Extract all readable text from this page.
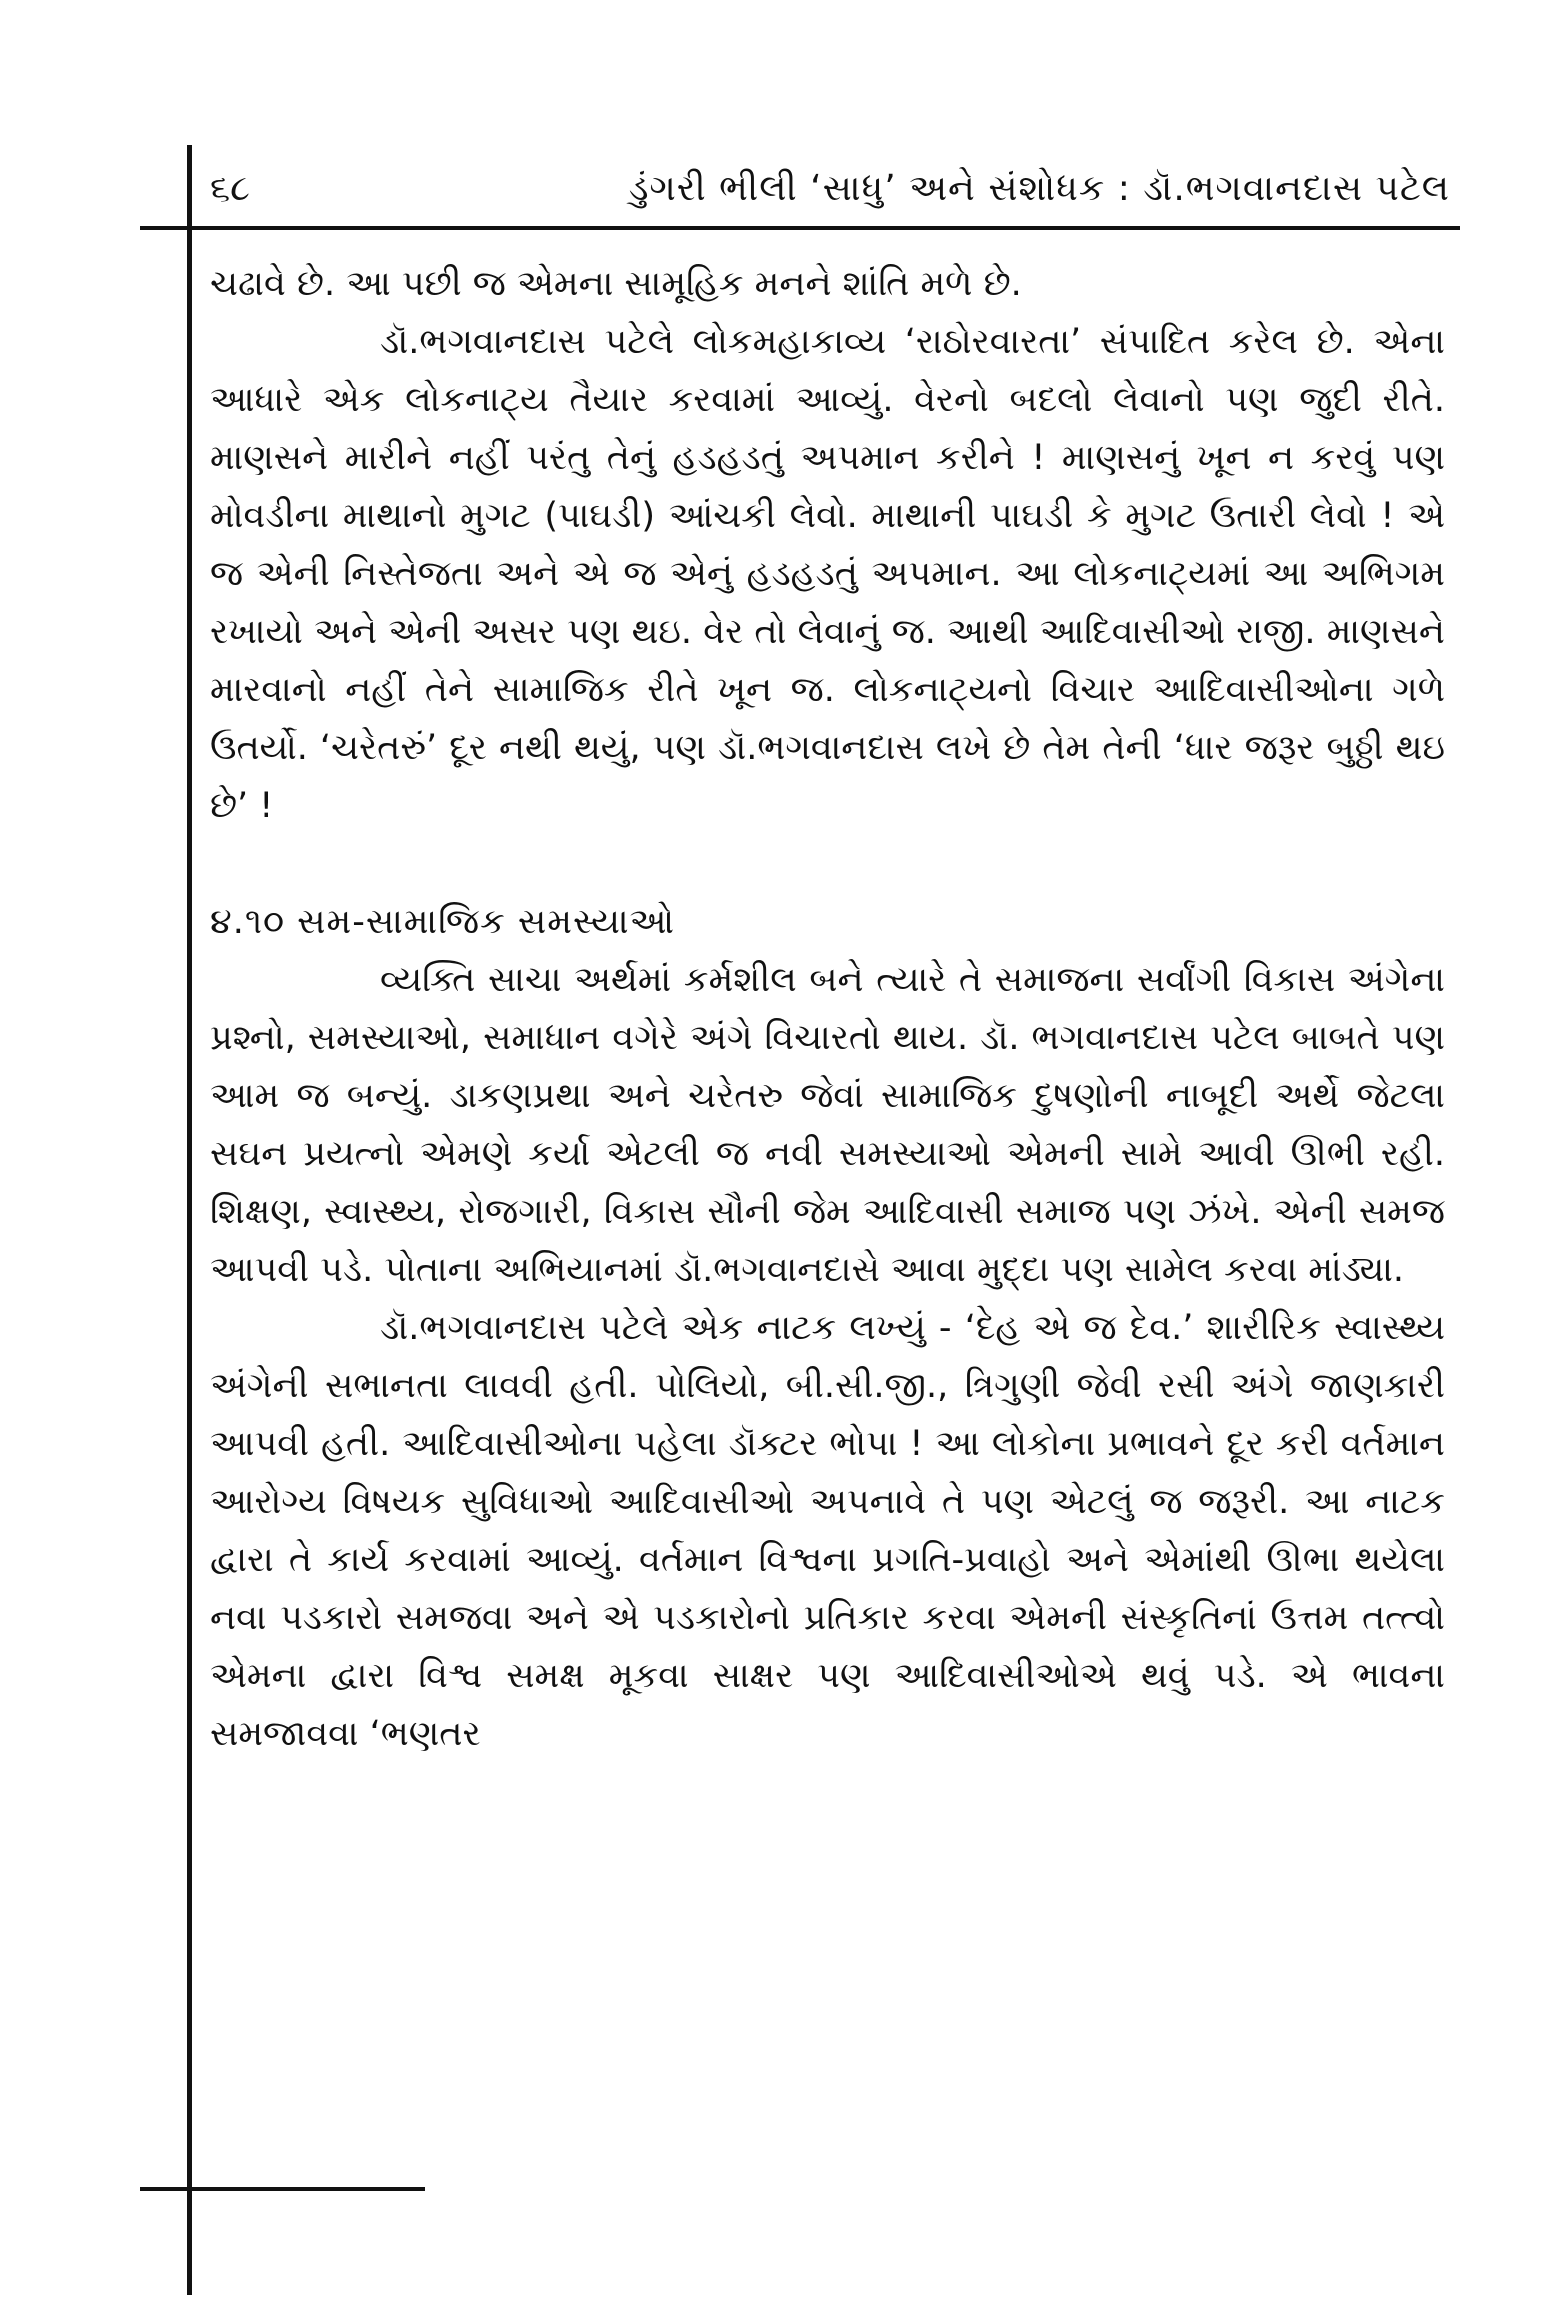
૬૮	ડુંગરી ભીલી ‘સાધુ’ અને સંશોધક : ડૉ.ભગવાનદાસ પટેલ

ચઢાવે છે. આ પછી જ એમના સામૂહિક મનને શાંતિ મળે છે.

ડૉ.ભગવાનદાસ પટેલે લોકમહાકાવ્ય ‘રાઠોરવારતા’ સંપાદિત કરેલ છે. એના આધારે એક લોકનાટ્ય તૈયાર કરવામાં આવ્યું. વેરનો બદલો લેવાનો પણ જુદી રીતે. માણસને મારીને નહીં પરંતુ તેનું હડહડતું અપમાન કરીને ! માણસનું ખૂન ન કરવું પણ મોવડીના માથાનો મુગટ (પાઘડી) આંચકી લેવો. માથાની પાઘડી કે મુગટ ઉતારી લેવો ! એ જ એની નિસ્તેજતા અને એ જ એનું હડહડતું અપમાન. આ લોકનાટ્યમાં આ અભિગમ રખાયો અને એની અસર પણ થઇ. વેર તો લેવાનું જ. આથી આદિવાસીઓ રાજી. માણસને મારવાનો નહીં તેને સામાજિક રીતે ખૂન જ. લોકનાટ્યનો વિચાર આદિવાસીઓના ગળે ઉતર્યો. ‘ચરેતરું’ દૂર નથી થયું, પણ ડૉ.ભગવાનદાસ લખે છે તેમ તેની ‘ધાર જરૂર બુઠ્ઠી થઇ છે’ !

૪.૧૦ સમ-સામાજિક સમસ્યાઓ

વ્યક્તિ સાચા અર્થમાં કર્મશીલ બને ત્યારે તે સમાજના સર્વાંગી વિકાસ અંગેના પ્રશ્નો, સમસ્યાઓ, સમાધાન વગેરે અંગે વિચારતો થાય. ડૉ. ભગવાનદાસ પટેલ બાબતે પણ આમ જ બન્યું. ડાકણપ્રથા અને ચરેતરુ જેવાં સામાજિક દુષણોની નાબૂદી અર્થે જેટલા સઘન પ્રયત્નો એમણે કર્યા એટલી જ નવી સમસ્યાઓ એમની સામે આવી ઊભી રહી. શિક્ષણ, સ્વાસ્થ્ય, રોજગારી, વિકાસ સૌની જેમ આદિવાસી સમાજ પણ ઝંખે. એની સમજ આપવી પડે. પોતાના અભિયાનમાં ડૉ.ભગવાનદાસે આવા મુદ્દા પણ સામેલ કરવા માંડ્યા.

ડૉ.ભગવાનદાસ પટેલે એક નાટક લખ્યું - ‘દેહ એ જ દેવ.’ શારીરિક સ્વાસ્થ્ય અંગેની સભાનતા લાવવી હતી. પોલિયો, બી.સી.જી., ત્રિગુણી જેવી રસી અંગે જાણકારી આપવી હતી. આદિવાસીઓના પહેલા ડૉક્ટર ભોપા ! આ લોકોના પ્રભાવને દૂર કરી વર્તમાન આરોગ્ય વિષયક સુવિધાઓ આદિવાસીઓ અપનાવે તે પણ એટલું જ જરૂરી. આ નાટક દ્વારા તે કાર્ય કરવામાં આવ્યું. વર્તમાન વિશ્વના પ્રગતિ-પ્રવાહો અને એમાંથી ઊભા થયેલા નવા પડકારો સમજવા અને એ પડકારોનો પ્રતિકાર કરવા એમની સંસ્કૃતિનાં ઉત્તમ તત્ત્વો એમના દ્વારા વિશ્વ સમક્ષ મૂકવા સાક્ષર પણ આદિવાસીઓએ થવું પડે. એ ભાવના સમજાવવા ‘ભણતર
